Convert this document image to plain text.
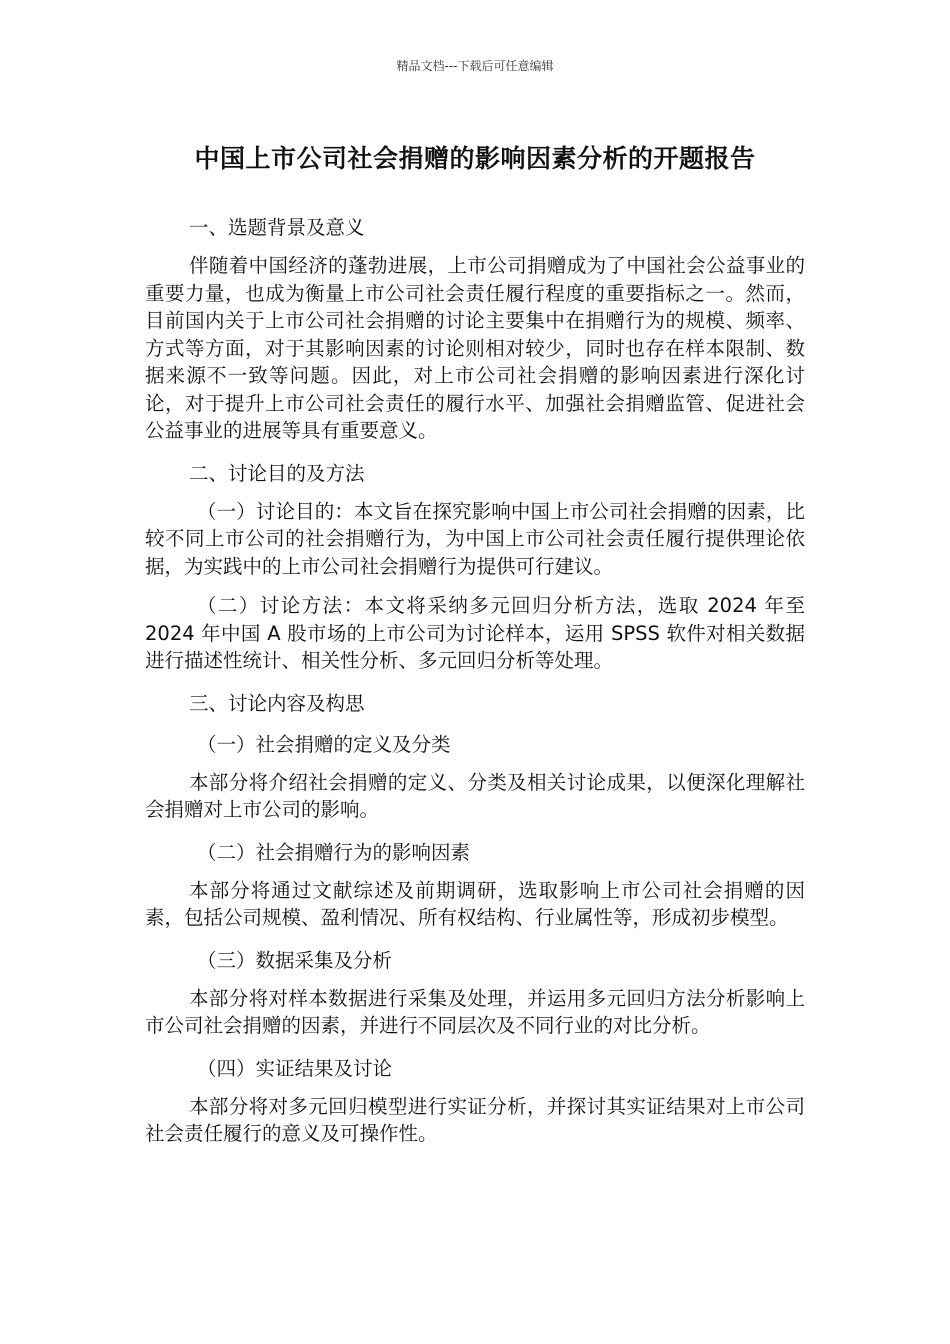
精品文档---下载后可任意编辑
中国上市公司社会捐赠的影响因素分析的开题报告

一、选题背景及意义

伴随着中国经济的蓬勃进展，上市公司捐赠成为了中国社会公益事业的重要力量，也成为衡量上市公司社会责任履行程度的重要指标之一。然而，目前国内关于上市公司社会捐赠的讨论主要集中在捐赠行为的规模、频率、方式等方面，对于其影响因素的讨论则相对较少，同时也存在样本限制、数据来源不一致等问题。因此，对上市公司社会捐赠的影响因素进行深化讨论，对于提升上市公司社会责任的履行水平、加强社会捐赠监管、促进社会公益事业的进展等具有重要意义。

二、讨论目的及方法

（一）讨论目的：本文旨在探究影响中国上市公司社会捐赠的因素，比较不同上市公司的社会捐赠行为，为中国上市公司社会责任履行提供理论依据，为实践中的上市公司社会捐赠行为提供可行建议。

（二）讨论方法：本文将采纳多元回归分析方法，选取 2024 年至 2024 年中国 A 股市场的上市公司为讨论样本，运用 SPSS 软件对相关数据进行描述性统计、相关性分析、多元回归分析等处理。

三、讨论内容及构思

（一）社会捐赠的定义及分类

本部分将介绍社会捐赠的定义、分类及相关讨论成果，以便深化理解社会捐赠对上市公司的影响。

（二）社会捐赠行为的影响因素

本部分将通过文献综述及前期调研，选取影响上市公司社会捐赠的因素，包括公司规模、盈利情况、所有权结构、行业属性等，形成初步模型。

（三）数据采集及分析

本部分将对样本数据进行采集及处理，并运用多元回归方法分析影响上市公司社会捐赠的因素，并进行不同层次及不同行业的对比分析。

（四）实证结果及讨论

本部分将对多元回归模型进行实证分析，并探讨其实证结果对上市公司社会责任履行的意义及可操作性。
